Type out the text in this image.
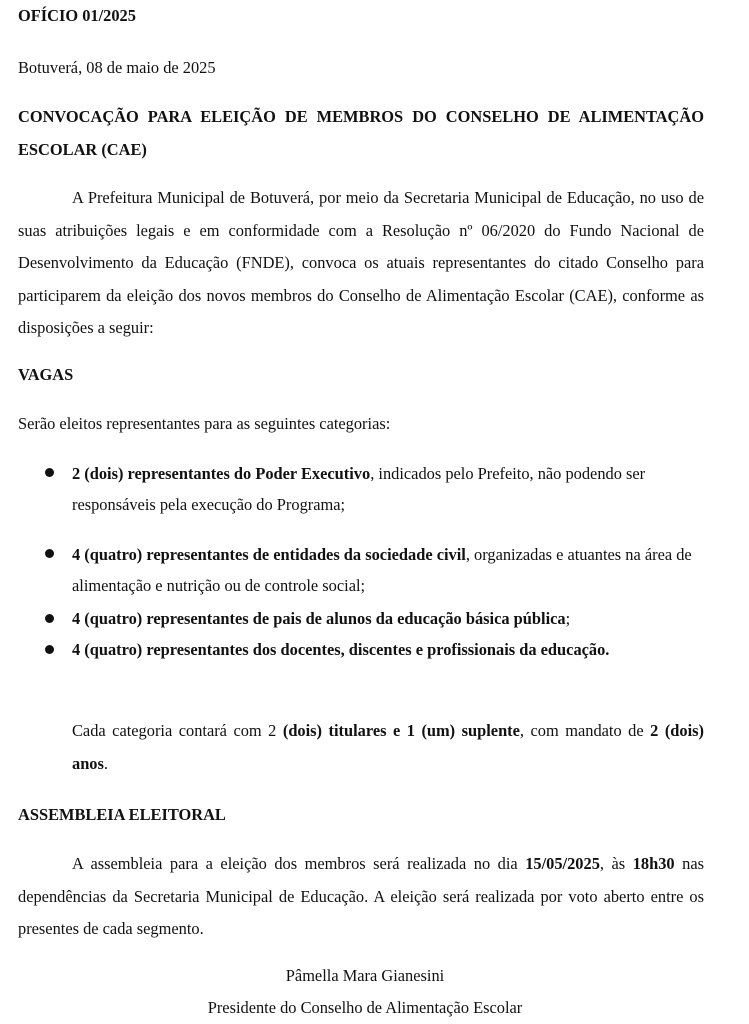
OFÍCIO 01/2025
Botuverá, 08 de maio de 2025
CONVOCAÇÃO PARA ELEIÇÃO DE MEMBROS DO CONSELHO DE ALIMENTAÇÃO ESCOLAR (CAE)
A Prefeitura Municipal de Botuverá, por meio da Secretaria Municipal de Educação, no uso de suas atribuições legais e em conformidade com a Resolução nº 06/2020 do Fundo Nacional de Desenvolvimento da Educação (FNDE), convoca os atuais representantes do citado Conselho para participarem da eleição dos novos membros do Conselho de Alimentação Escolar (CAE), conforme as disposições a seguir:
VAGAS
Serão eleitos representantes para as seguintes categorias:
2 (dois) representantes do Poder Executivo, indicados pelo Prefeito, não podendo ser responsáveis pela execução do Programa;
4 (quatro) representantes de entidades da sociedade civil, organizadas e atuantes na área de alimentação e nutrição ou de controle social;
4 (quatro) representantes de pais de alunos da educação básica pública;
4 (quatro) representantes dos docentes, discentes e profissionais da educação.
Cada categoria contará com 2 (dois) titulares e 1 (um) suplente, com mandato de 2 (dois) anos.
ASSEMBLEIA ELEITORAL
A assembleia para a eleição dos membros será realizada no dia 15/05/2025, às 18h30 nas dependências da Secretaria Municipal de Educação. A eleição será realizada por voto aberto entre os presentes de cada segmento.
Pâmella Mara Gianesini
Presidente do Conselho de Alimentação Escolar
